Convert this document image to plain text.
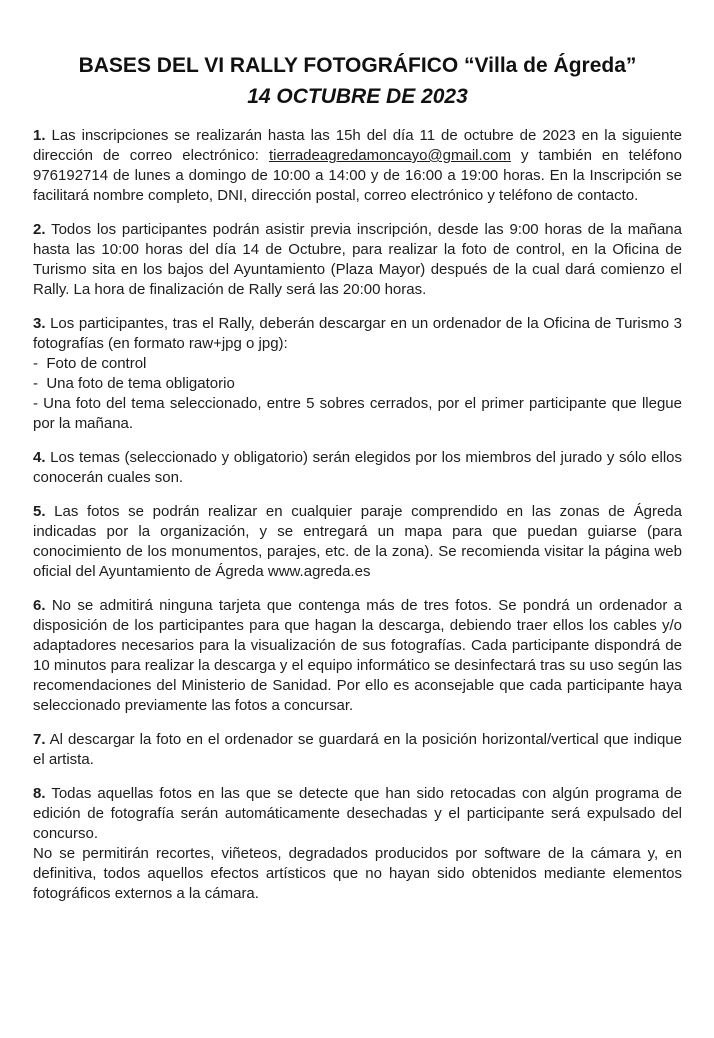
BASES DEL VI RALLY FOTOGRÁFICO “Villa de Ágreda”
14 OCTUBRE DE 2023

1. Las inscripciones se realizarán hasta las 15h del día 11 de octubre de 2023 en la siguiente dirección de correo electrónico: tierradeagredamoncayo@gmail.com y también en teléfono 976192714 de lunes a domingo de 10:00 a 14:00 y de 16:00 a 19:00 horas. En la Inscripción se facilitará nombre completo, DNI, dirección postal, correo electrónico y teléfono de contacto.

2. Todos los participantes podrán asistir previa inscripción, desde las 9:00 horas de la mañana hasta las 10:00 horas del día 14 de Octubre, para realizar la foto de control, en la Oficina de Turismo sita en los bajos del Ayuntamiento (Plaza Mayor) después de la cual dará comienzo el Rally. La hora de finalización de Rally será las 20:00 horas.

3. Los participantes, tras el Rally, deberán descargar en un ordenador de la Oficina de Turismo 3 fotografías (en formato raw+jpg o jpg):

-  Foto de control
-  Una foto de tema obligatorio
- Una foto del tema seleccionado, entre 5 sobres cerrados, por el primer participante que llegue por la mañana.

4. Los temas (seleccionado y obligatorio) serán elegidos por los miembros del jurado y sólo ellos conocerán cuales son.

5. Las fotos se podrán realizar en cualquier paraje comprendido en las zonas de Ágreda indicadas por la organización, y se entregará un mapa para que puedan guiarse (para conocimiento de los monumentos, parajes, etc. de la zona). Se recomienda visitar la página web oficial del Ayuntamiento de Ágreda www.agreda.es

6. No se admitirá ninguna tarjeta que contenga más de tres fotos. Se pondrá un ordenador a disposición de los participantes para que hagan la descarga, debiendo traer ellos los cables y/o adaptadores necesarios para la visualización de sus fotografías. Cada participante dispondrá de 10 minutos para realizar la descarga y el equipo informático se desinfectará tras su uso según las recomendaciones del Ministerio de Sanidad. Por ello es aconsejable que cada participante haya seleccionado previamente las fotos a concursar.

7. Al descargar la foto en el ordenador se guardará en la posición horizontal/vertical que indique el artista.

8. Todas aquellas fotos en las que se detecte que han sido retocadas con algún programa de edición de fotografía serán automáticamente desechadas y el participante será expulsado del concurso.

No se permitirán recortes, viñeteos, degradados producidos por software de la cámara y, en definitiva, todos aquellos efectos artísticos que no hayan sido obtenidos mediante elementos fotográficos externos a la cámara.
